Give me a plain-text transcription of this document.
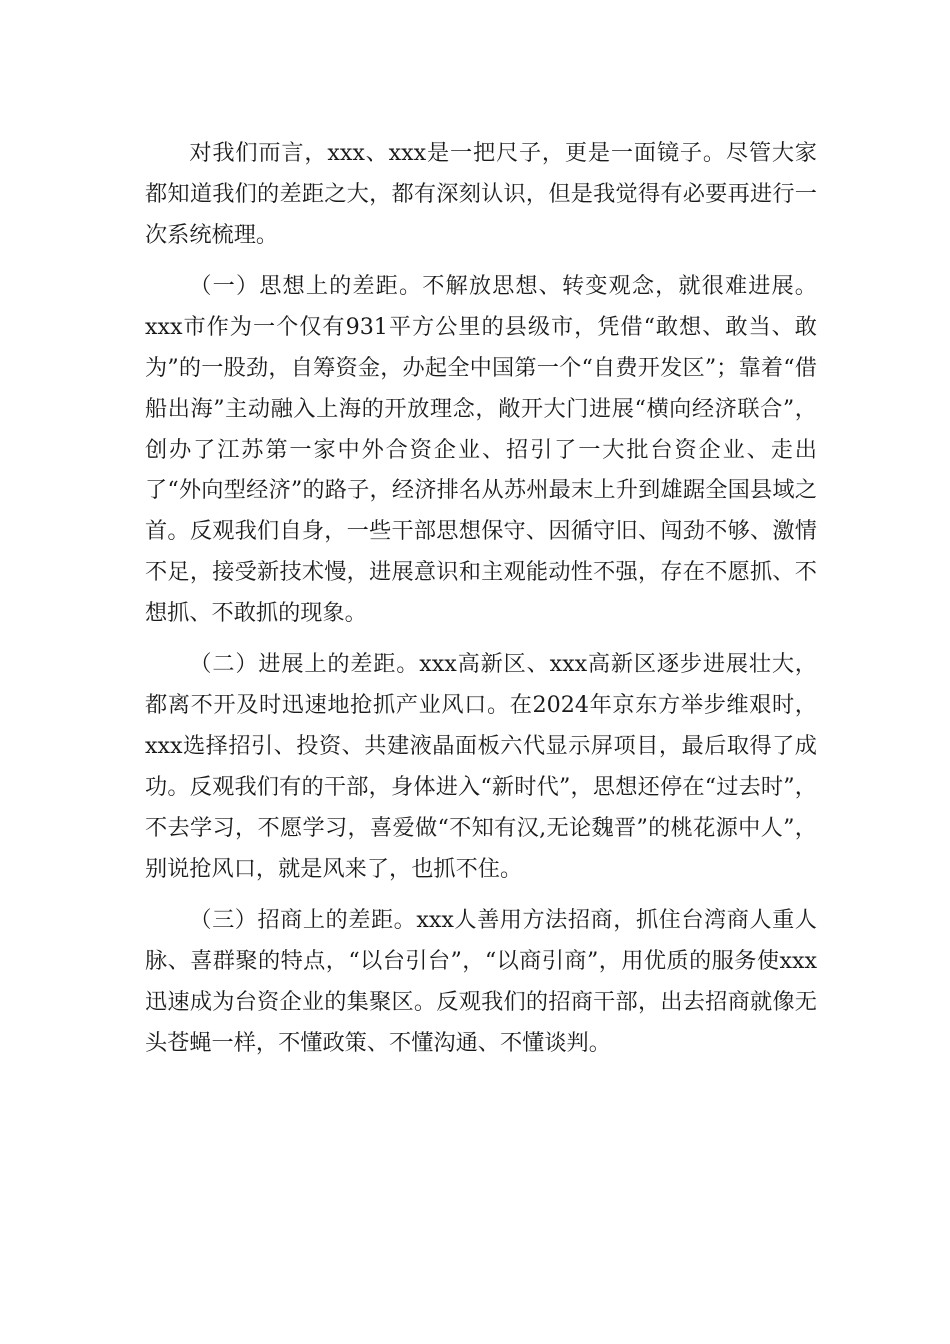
对我们而言，xxx、xxx是一把尺子，更是一面镜子。尽管大家都知道我们的差距之大，都有深刻认识，但是我觉得有必要再进行一次系统梳理。

（一）思想上的差距。不解放思想、转变观念，就很难进展。xxx市作为一个仅有931平方公里的县级市，凭借“敢想、敢当、敢为”的一股劲，自筹资金，办起全中国第一个“自费开发区”；靠着“借船出海”主动融入上海的开放理念，敞开大门进展“横向经济联合”，创办了江苏第一家中外合资企业、招引了一大批台资企业、走出了“外向型经济”的路子，经济排名从苏州最末上升到雄踞全国县域之首。反观我们自身，一些干部思想保守、因循守旧、闯劲不够、激情不足，接受新技术慢，进展意识和主观能动性不强，存在不愿抓、不想抓、不敢抓的现象。

（二）进展上的差距。xxx高新区、xxx高新区逐步进展壮大，都离不开及时迅速地抢抓产业风口。在2024年京东方举步维艰时，xxx选择招引、投资、共建液晶面板六代显示屏项目，最后取得了成功。反观我们有的干部，身体进入“新时代”，思想还停在“过去时”，不去学习，不愿学习，喜爱做“不知有汉,无论魏晋”的桃花源中人”，别说抢风口，就是风来了，也抓不住。

（三）招商上的差距。xxx人善用方法招商，抓住台湾商人重人脉、喜群聚的特点，“以台引台”，“以商引商”，用优质的服务使xxx迅速成为台资企业的集聚区。反观我们的招商干部，出去招商就像无头苍蝇一样，不懂政策、不懂沟通、不懂谈判。
